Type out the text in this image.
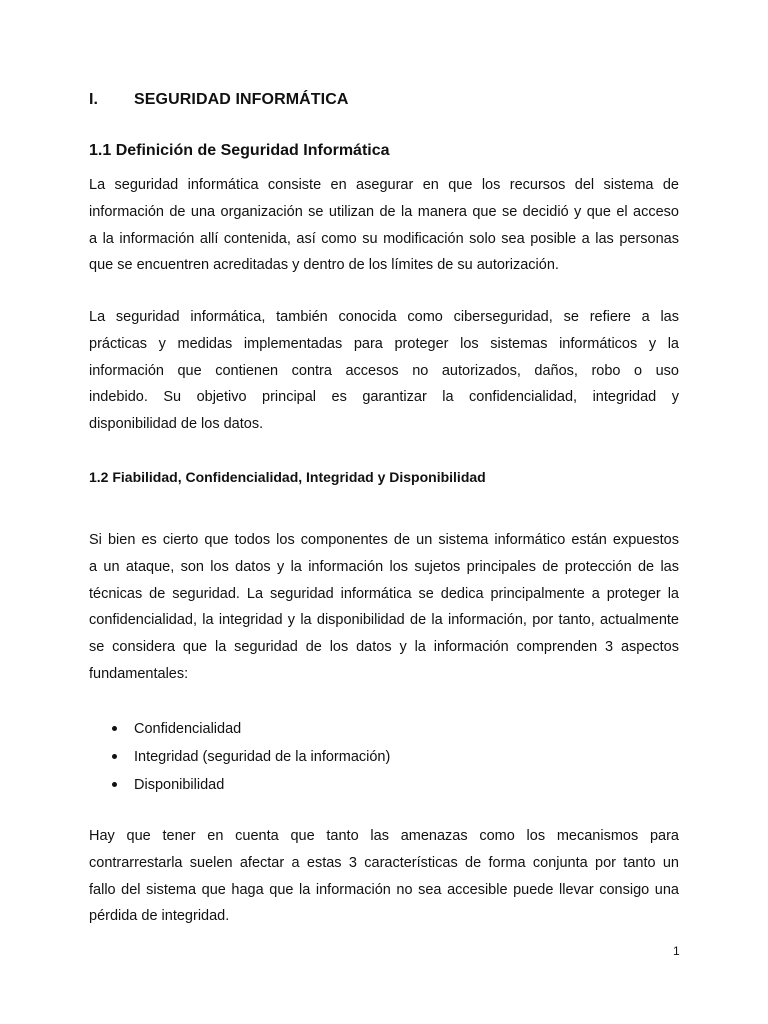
I. SEGURIDAD INFORMÁTICA
1.1 Definición de Seguridad Informática
La seguridad informática consiste en asegurar en que los recursos del sistema de
información de una organización se utilizan de la manera que se decidió y que el acceso
a la información allí contenida, así como su modificación solo sea posible a las personas
que se encuentren acreditadas y dentro de los límites de su autorización.
La seguridad informática, también conocida como ciberseguridad, se refiere a las
prácticas y medidas implementadas para proteger los sistemas informáticos y la
información que contienen contra accesos no autorizados, daños, robo o uso
indebido. Su objetivo principal es garantizar la confidencialidad, integridad y
disponibilidad de los datos.
1.2 Fiabilidad, Confidencialidad, Integridad y Disponibilidad
Si bien es cierto que todos los componentes de un sistema informático están expuestos
a un ataque, son los datos y la información los sujetos principales de protección de las
técnicas de seguridad. La seguridad informática se dedica principalmente a proteger la
confidencialidad, la integridad y la disponibilidad de la información, por tanto, actualmente
se considera que la seguridad de los datos y la información comprenden 3 aspectos
fundamentales:
Confidencialidad
Integridad (seguridad de la información)
Disponibilidad
Hay que tener en cuenta que tanto las amenazas como los mecanismos para
contrarrestarla suelen afectar a estas 3 características de forma conjunta por tanto un
fallo del sistema que haga que la información no sea accesible puede llevar consigo una
pérdida de integridad.
1
